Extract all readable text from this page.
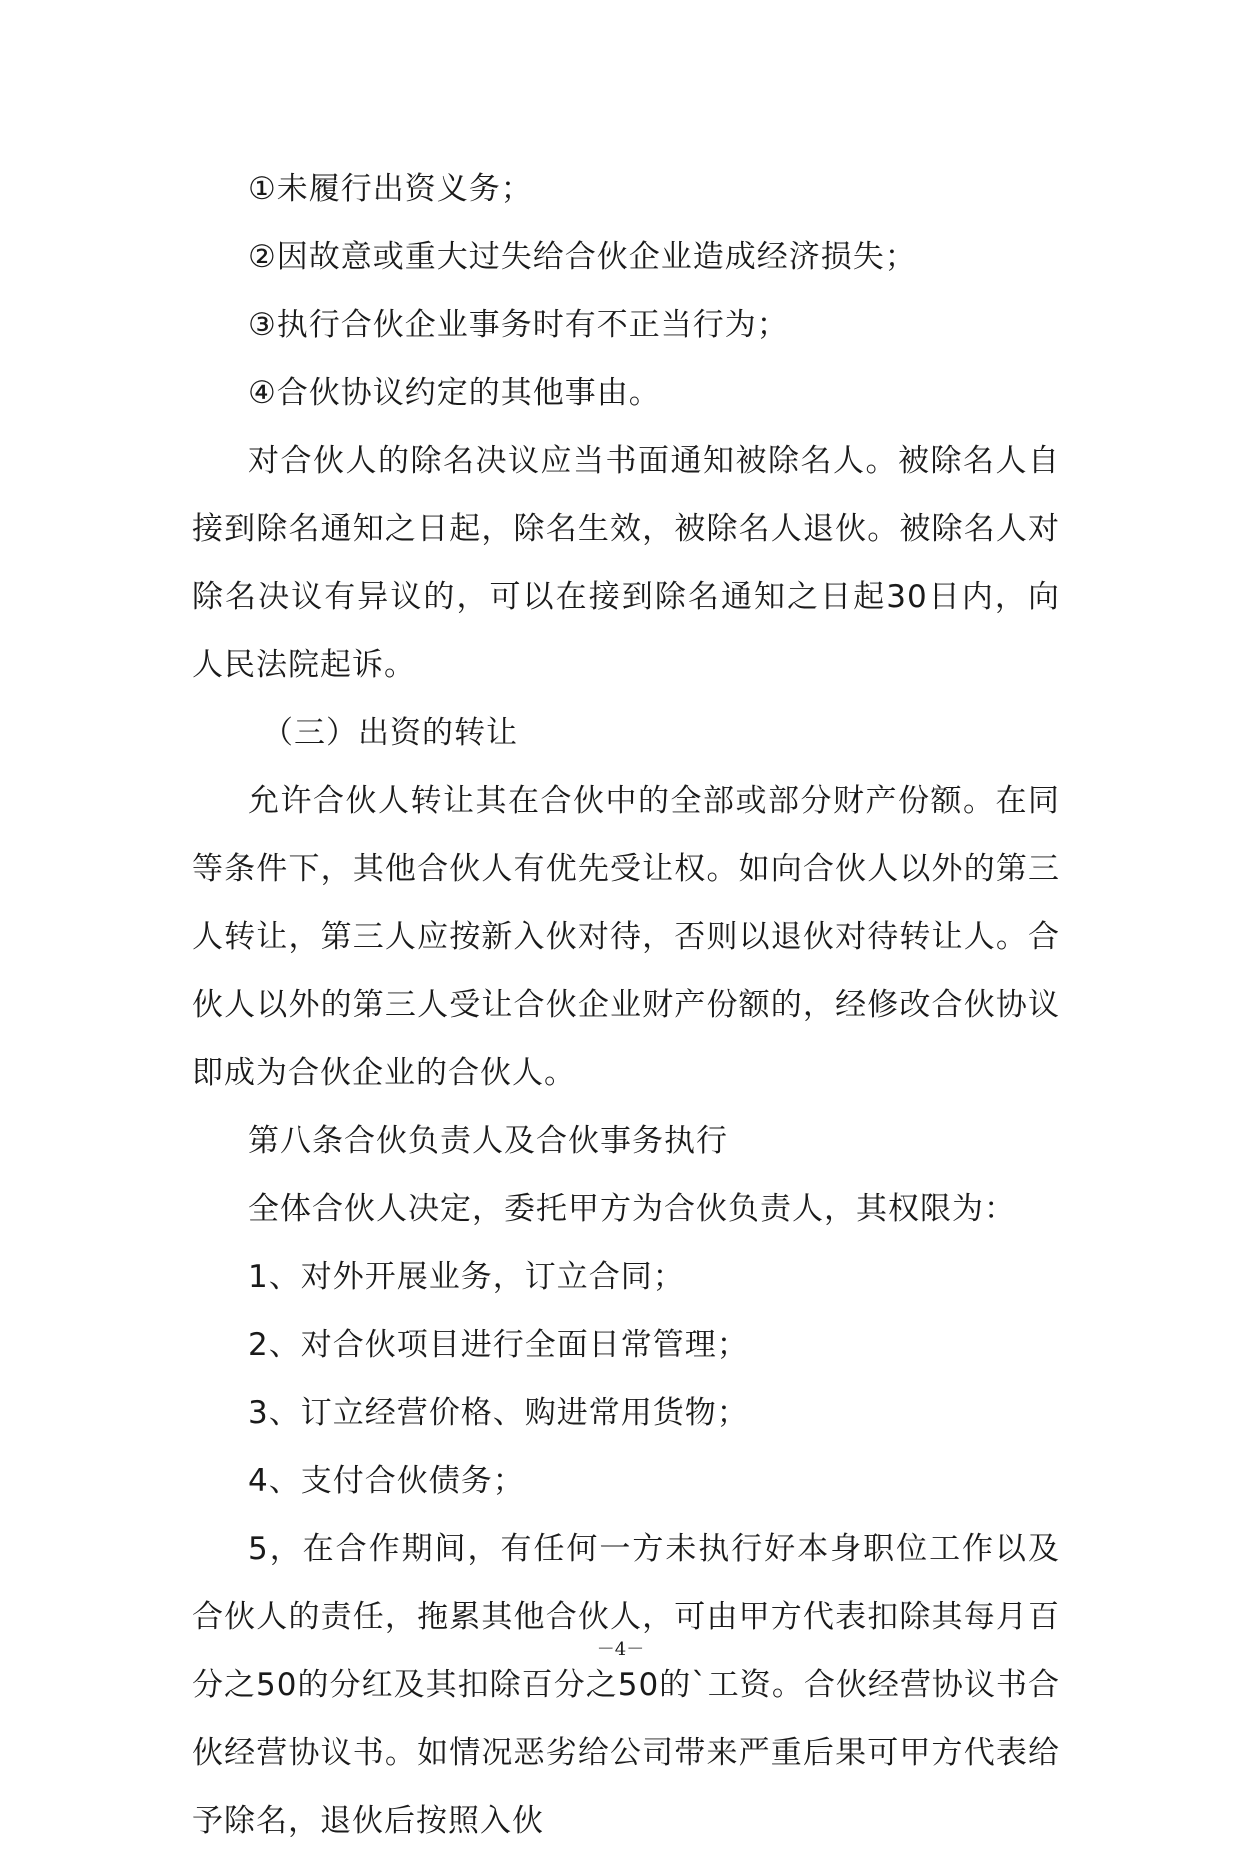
①未履行出资义务；

②因故意或重大过失给合伙企业造成经济损失；

③执行合伙企业事务时有不正当行为；

④合伙协议约定的其他事由。

对合伙人的除名决议应当书面通知被除名人。被除名人自接到除名通知之日起，除名生效，被除名人退伙。被除名人对除名决议有异议的，可以在接到除名通知之日起30日内，向人民法院起诉。

（三）出资的转让

允许合伙人转让其在合伙中的全部或部分财产份额。在同等条件下，其他合伙人有优先受让权。如向合伙人以外的第三人转让，第三人应按新入伙对待，否则以退伙对待转让人。合伙人以外的第三人受让合伙企业财产份额的，经修改合伙协议即成为合伙企业的合伙人。

第八条合伙负责人及合伙事务执行

全体合伙人决定，委托甲方为合伙负责人，其权限为：

1、对外开展业务，订立合同；

2、对合伙项目进行全面日常管理；

3、订立经营价格、购进常用货物；

4、支付合伙债务；

5，在合作期间，有任何一方未执行好本身职位工作以及合伙人的责任，拖累其他合伙人，可由甲方代表扣除其每月百分之50的分红及其扣除百分之50的`工资。合伙经营协议书合伙经营协议书。如情况恶劣给公司带来严重后果可甲方代表给予除名，退伙后按照入伙

－4－
